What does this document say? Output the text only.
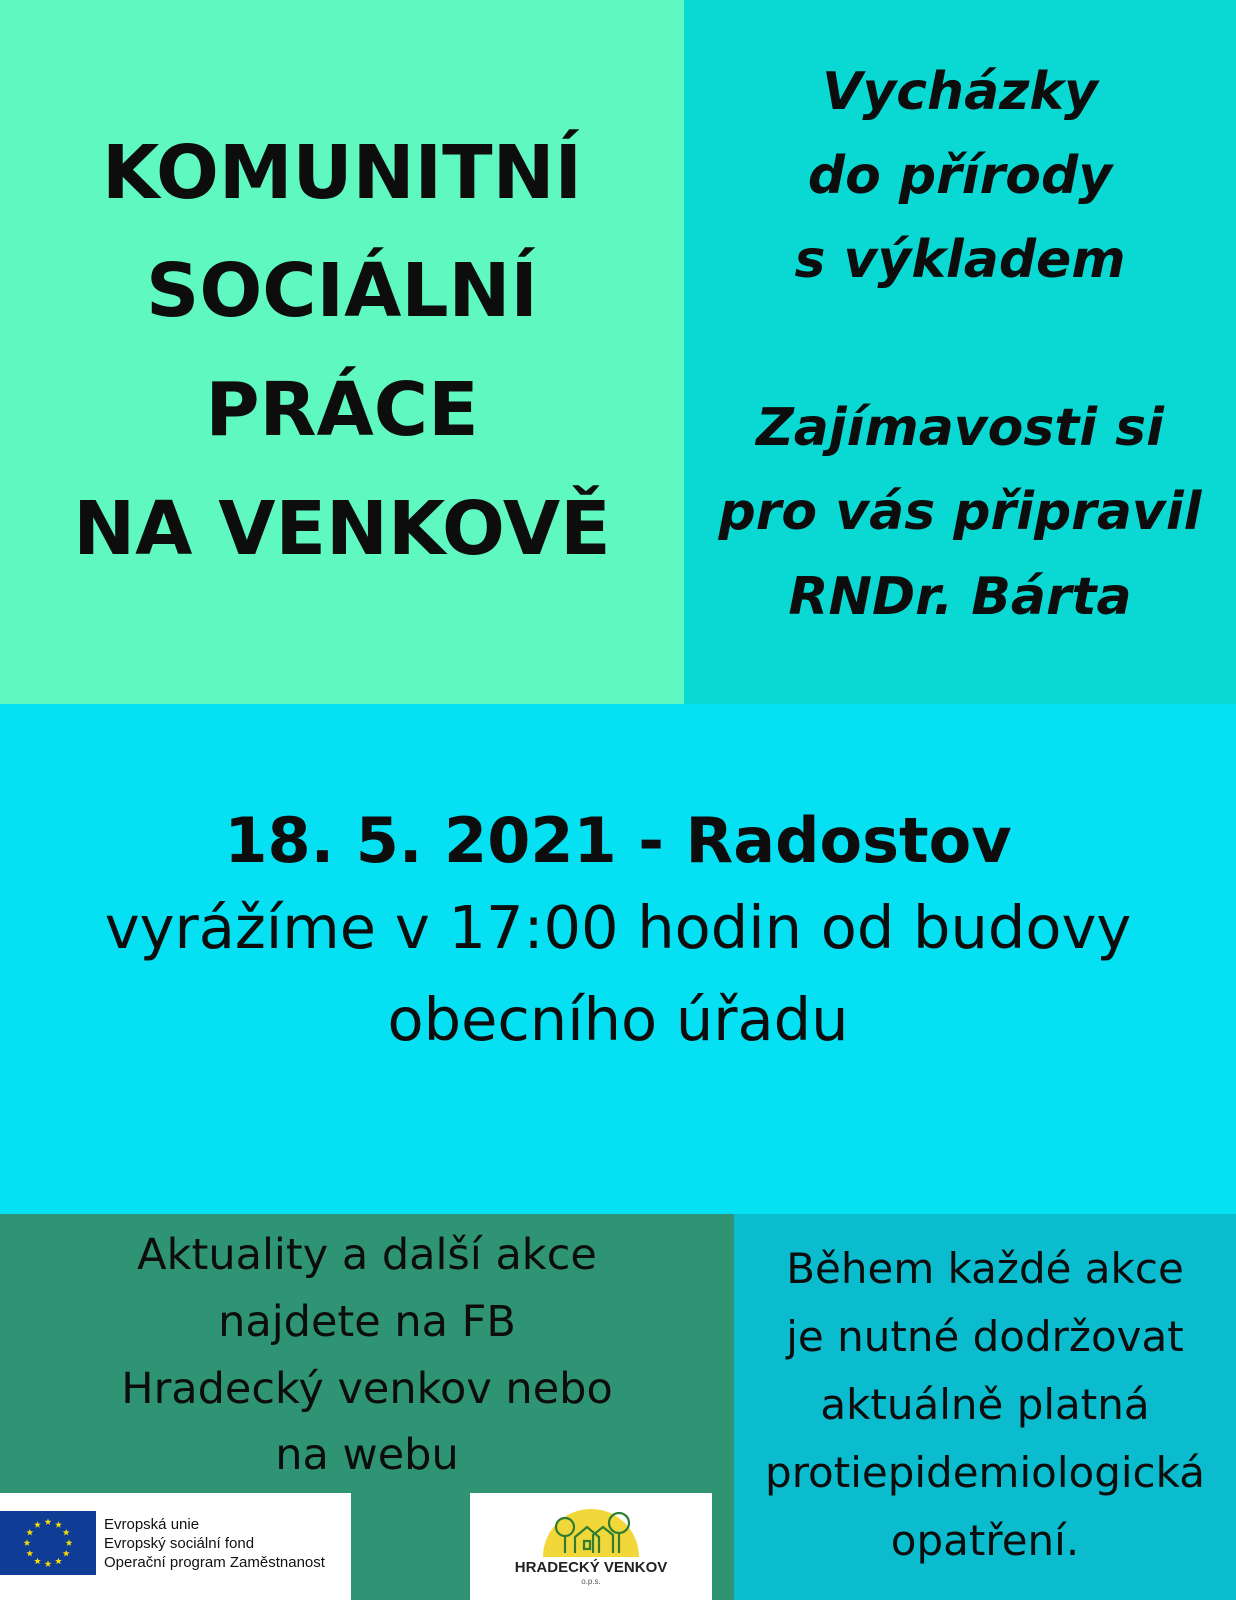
KOMUNITNÍ
SOCIÁLNÍ
PRÁCE
NA VENKOVĚ
Vycházky
do přírody
s výkladem
Zajímavosti si
pro vás připravil
RNDr. Bárta
18. 5. 2021 - Radostov
vyrážíme v 17:00 hodin od budovy
obecního úřadu
Aktuality a další akce
najdete na FB
Hradecký venkov nebo
na webu
Během každé akce
je nutné dodržovat
aktuálně platná
protiepidemiologická
opatření.
Evropská unie
Evropský sociální fond
Operační program Zaměstnanost	HRADECKÝ VENKOV
o.p.s.
